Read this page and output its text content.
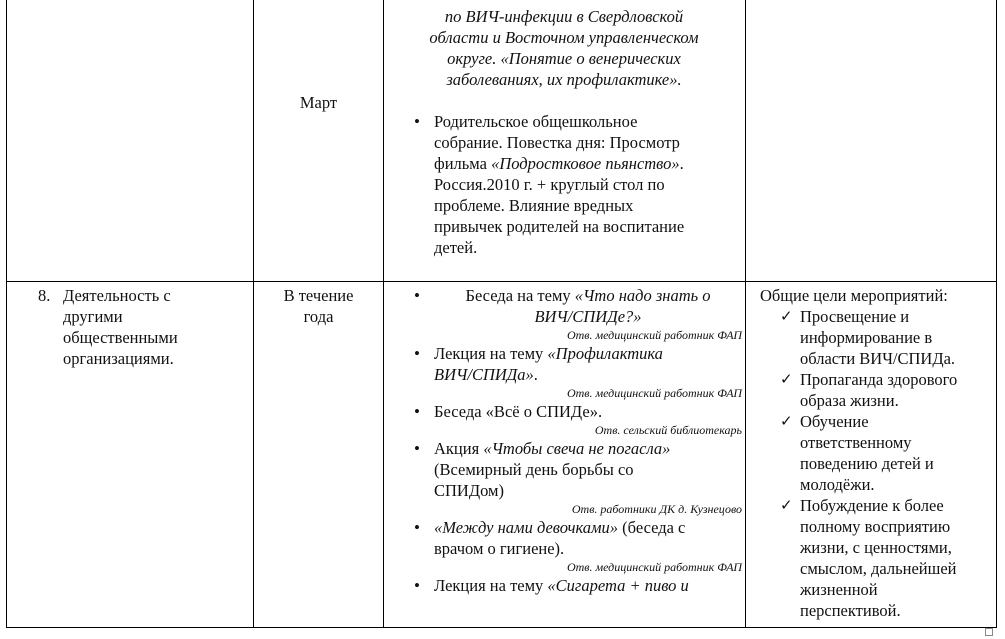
Март
по ВИЧ-инфекции в Свердловской
области и Восточном управленческом
округе. «Понятие о венерических
заболеваниях, их профилактике».
• Родительское общешкольное
собрание. Повестка дня: Просмотр
фильма «Подростковое пьянство».
Россия.2010 г. + круглый стол по
проблеме. Влияние вредных
привычек родителей на воспитание
детей.
8. Деятельность с
другими
общественными
организациями.
В течение
года
• Беседа на тему «Что надо знать о
ВИЧ/СПИДе?»
Отв. медицинский работник ФАП
• Лекция на тему «Профилактика
ВИЧ/СПИДа».
Отв. медицинский работник ФАП
• Беседа «Всё о СПИДе».
Отв. сельский библиотекарь
• Акция «Чтобы свеча не погасла»
(Всемирный день борьбы со
СПИДом)
Отв. работники ДК д. Кузнецово
• «Между нами девочками» (беседа с
врачом о гигиене).
Отв. медицинский работник ФАП
• Лекция на тему «Сигарета + пиво и
Общие цели мероприятий:
✓ Просвещение и
информирование в
области ВИЧ/СПИДа.
✓ Пропаганда здорового
образа жизни.
✓ Обучение
ответственному
поведению детей и
молодёжи.
✓ Побуждение к более
полному восприятию
жизни, с ценностями,
смыслом, дальнейшей
жизненной
перспективой.
